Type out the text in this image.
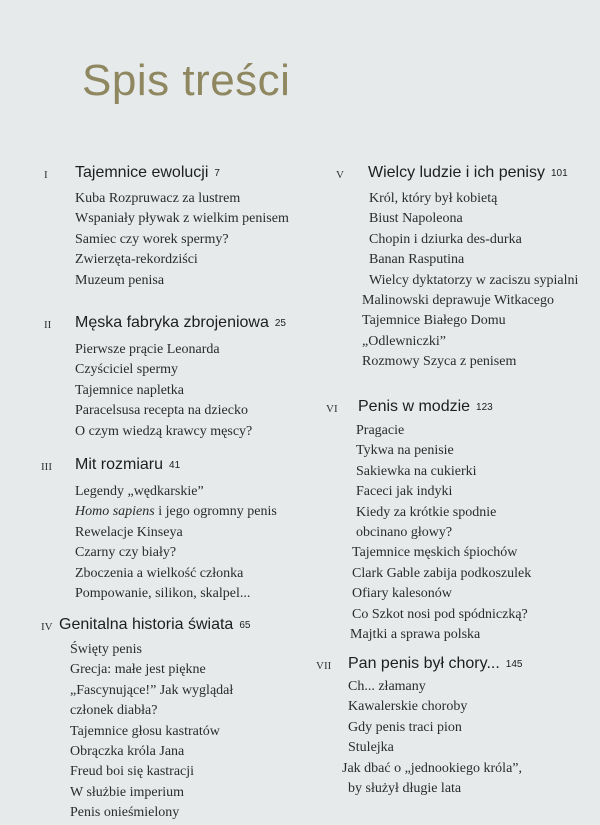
Spis treści
I Tajemnice ewolucji 7
Kuba Rozpruwacz za lustrem
Wspaniały pływak z wielkim penisem
Samiec czy worek spermy?
Zwierzęta-rekordziści
Muzeum penisa
II Męska fabryka zbrojeniowa 25
Pierwsze prącie Leonarda
Czyściciel spermy
Tajemnice napletka
Paracelsusa recepta na dziecko
O czym wiedzą krawcy męscy?
III Mit rozmiaru 41
Legendy „wędkarskie”
Homo sapiens i jego ogromny penis
Rewelacje Kinseya
Czarny czy biały?
Zboczenia a wielkość członka
Pompowanie, silikon, skalpel...
IV Genitalna historia świata 65
Święty penis
Grecja: małe jest piękne
„Fascynujące!” Jak wyglądał
członek diabła?
Tajemnice głosu kastratów
Obrączka króla Jana
Freud boi się kastracji
W służbie imperium
Penis onieśmielony
V Wielcy ludzie i ich penisy 101
Król, który był kobietą
Biust Napoleona
Chopin i dziurka des-durka
Banan Rasputina
Wielcy dyktatorzy w zaciszu sypialni
Malinowski deprawuje Witkacego
Tajemnice Białego Domu
„Odlewniczki”
Rozmowy Szyca z penisem
VI Penis w modzie 123
Pragacie
Tykwa na penisie
Sakiewka na cukierki
Faceci jak indyki
Kiedy za krótkie spodnie
obcinano głowy?
Tajemnice męskich śpiochów
Clark Gable zabija podkoszulek
Ofiary kalesonów
Co Szkot nosi pod spódniczką?
Majtki a sprawa polska
VII Pan penis był chory... 145
Ch... złamany
Kawalerskie choroby
Gdy penis traci pion
Stulejka
Jak dbać o „jednookiego króla”,
by służył długie lata
